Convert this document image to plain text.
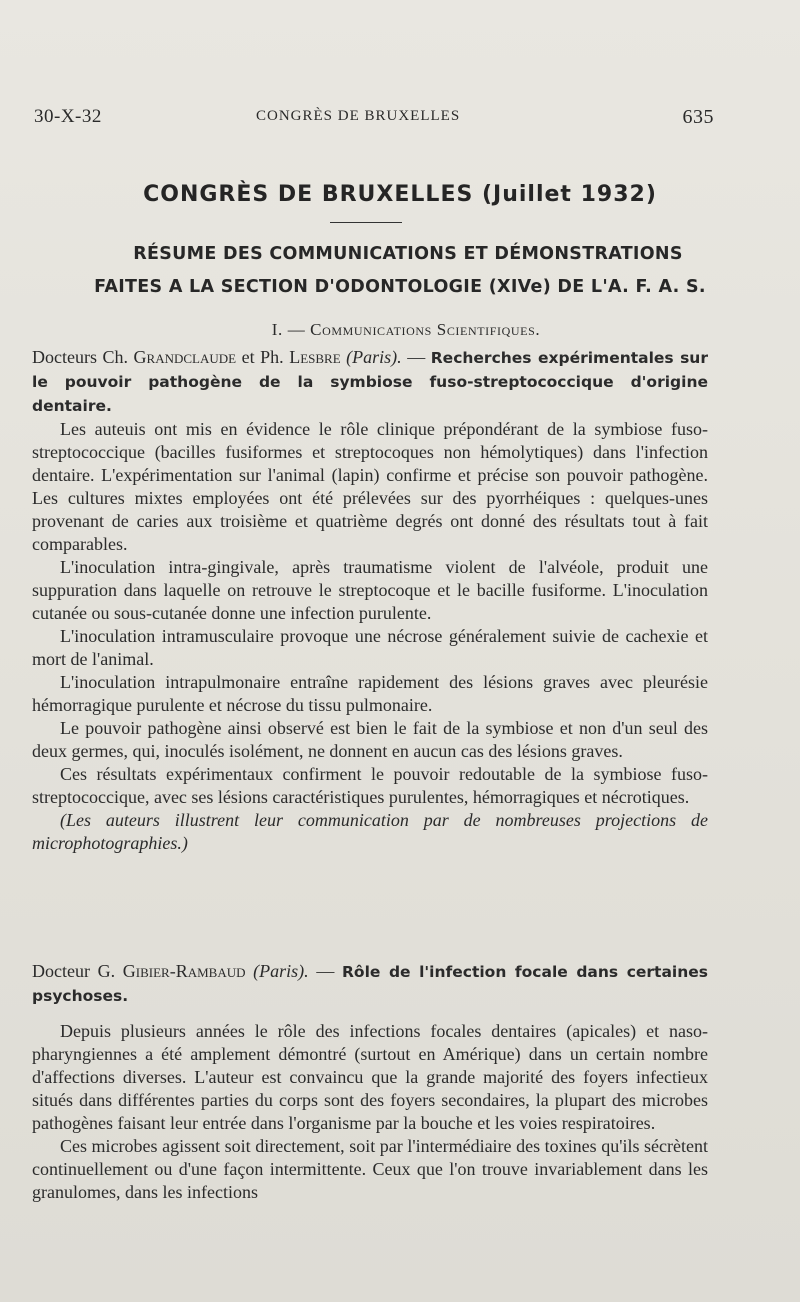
30-X-32	CONGRÈS DE BRUXELLES	635
CONGRÈS DE BRUXELLES (Juillet 1932)
RÉSUME DES COMMUNICATIONS ET DÉMONSTRATIONS
FAITES A LA SECTION D'ODONTOLOGIE (XIVe) DE L'A. F. A. S.
I. — Communications Scientifiques.

Docteurs Ch. Grandclaude et Ph. Lesbre (Paris). — Recherches expérimentales sur le pouvoir pathogène de la symbiose fuso-streptococcique d'origine dentaire.

Les auteuis ont mis en évidence le rôle clinique prépondérant de la symbiose fuso-streptococcique (bacilles fusiformes et streptocoques non hémolytiques) dans l'infection dentaire. L'expérimentation sur l'animal (lapin) confirme et précise son pouvoir pathogène. Les cultures mixtes employées ont été prélevées sur des pyorrhéiques : quelques-unes provenant de caries aux troisième et quatrième degrés ont donné des résultats tout à fait comparables.

L'inoculation intra-gingivale, après traumatisme violent de l'alvéole, produit une suppuration dans laquelle on retrouve le streptocoque et le bacille fusiforme. L'inoculation cutanée ou sous-cutanée donne une infection purulente.

L'inoculation intramusculaire provoque une nécrose généralement suivie de cachexie et mort de l'animal.

L'inoculation intrapulmonaire entraîne rapidement des lésions graves avec pleurésie hémorragique purulente et nécrose du tissu pulmonaire.

Le pouvoir pathogène ainsi observé est bien le fait de la symbiose et non d'un seul des deux germes, qui, inoculés isolément, ne donnent en aucun cas des lésions graves.

Ces résultats expérimentaux confirment le pouvoir redoutable de la symbiose fuso-streptococcique, avec ses lésions caractéristiques purulentes, hémorragiques et nécrotiques.

(Les auteurs illustrent leur communication par de nombreuses projections de microphotographies.)

Docteur G. Gibier-Rambaud (Paris). — Rôle de l'infection focale dans certaines psychoses.

Depuis plusieurs années le rôle des infections focales dentaires (apicales) et naso-pharyngiennes a été amplement démontré (surtout en Amérique) dans un certain nombre d'affections diverses. L'auteur est convaincu que la grande majorité des foyers infectieux situés dans différentes parties du corps sont des foyers secondaires, la plupart des microbes pathogènes faisant leur entrée dans l'organisme par la bouche et les voies respiratoires.

Ces microbes agissent soit directement, soit par l'intermédiaire des toxines qu'ils sécrètent continuellement ou d'une façon intermittente. Ceux que l'on trouve invariablement dans les granulomes, dans les infections
